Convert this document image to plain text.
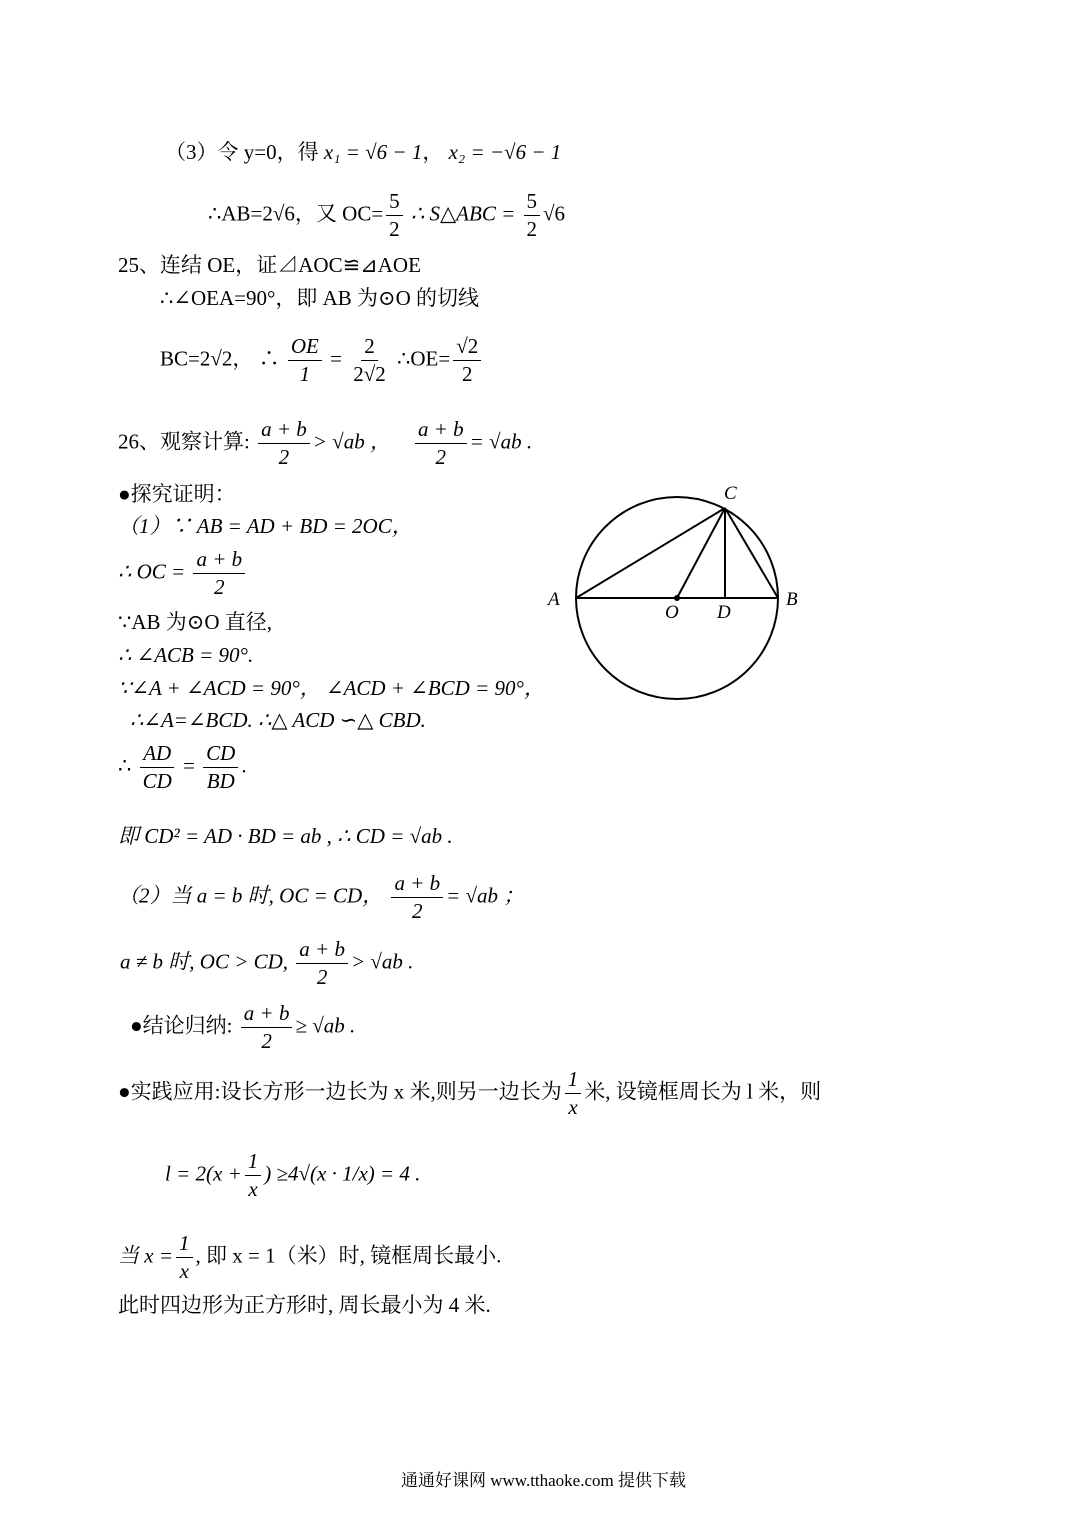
（3）令 y=0，得 x₁ = √6 − 1， x₂ = −√6 − 1
∴AB=2√6，又 $OC= \frac{5}{2}$ ∴ S△ABC = $\frac{5}{2} √6$
25、连结 OE，证⊿AOC≌⊿AOE
∴∠OEA=90°，即 AB 为⊙O 的切线
BC=2√2， ∴ $\frac{OE}{1} = \frac{2}{2√2}$ ∴OE= $\frac{√2}{2}$
26、观察计算: $\frac{a + b}{2} > √ab$ ， $\frac{a + b}{2} = √ab$ .
●探究证明：
（1）∵ AB = AD + BD = 2OC，
∴ OC = $\frac{a + b}{2}$
∵AB 为⊙O 直径,
∴ ∠ACB = 90°.
∵∠A + ∠ACD = 90°， ∠ACD + ∠BCD = 90°，
∴∠A=∠BCD. ∴△ ACD ∽△ CBD.
∴ $\frac{AD}{CD} = \frac{CD}{BD}$ .
即 CD² = AD · BD = ab , ∴ CD = √ab .
（2）当 a = b 时, OC = CD， $\frac{a + b}{2} = √ab$ ；
a ≠ b 时, OC > CD, $\frac{a + b}{2} > √ab$ .
●结论归纳: $\frac{a + b}{2} \ge √ab$ .
●实践应用:设长方形一边长为 x 米,则另一边长为 $\frac{1}{x}$ 米, 设镜框周长为 l 米，则
$l = 2(x + \frac{1}{x}$ ) ≥4√(x · 1/x) = 4 .
当 $x = \frac{1}{x}$ , 即 x = 1（米）时, 镜框周长最小.
此时四边形为正方形时, 周长最小为 4 米.
A	B
C
O D
通通好课网 www.tthaoke.com 提供下载
